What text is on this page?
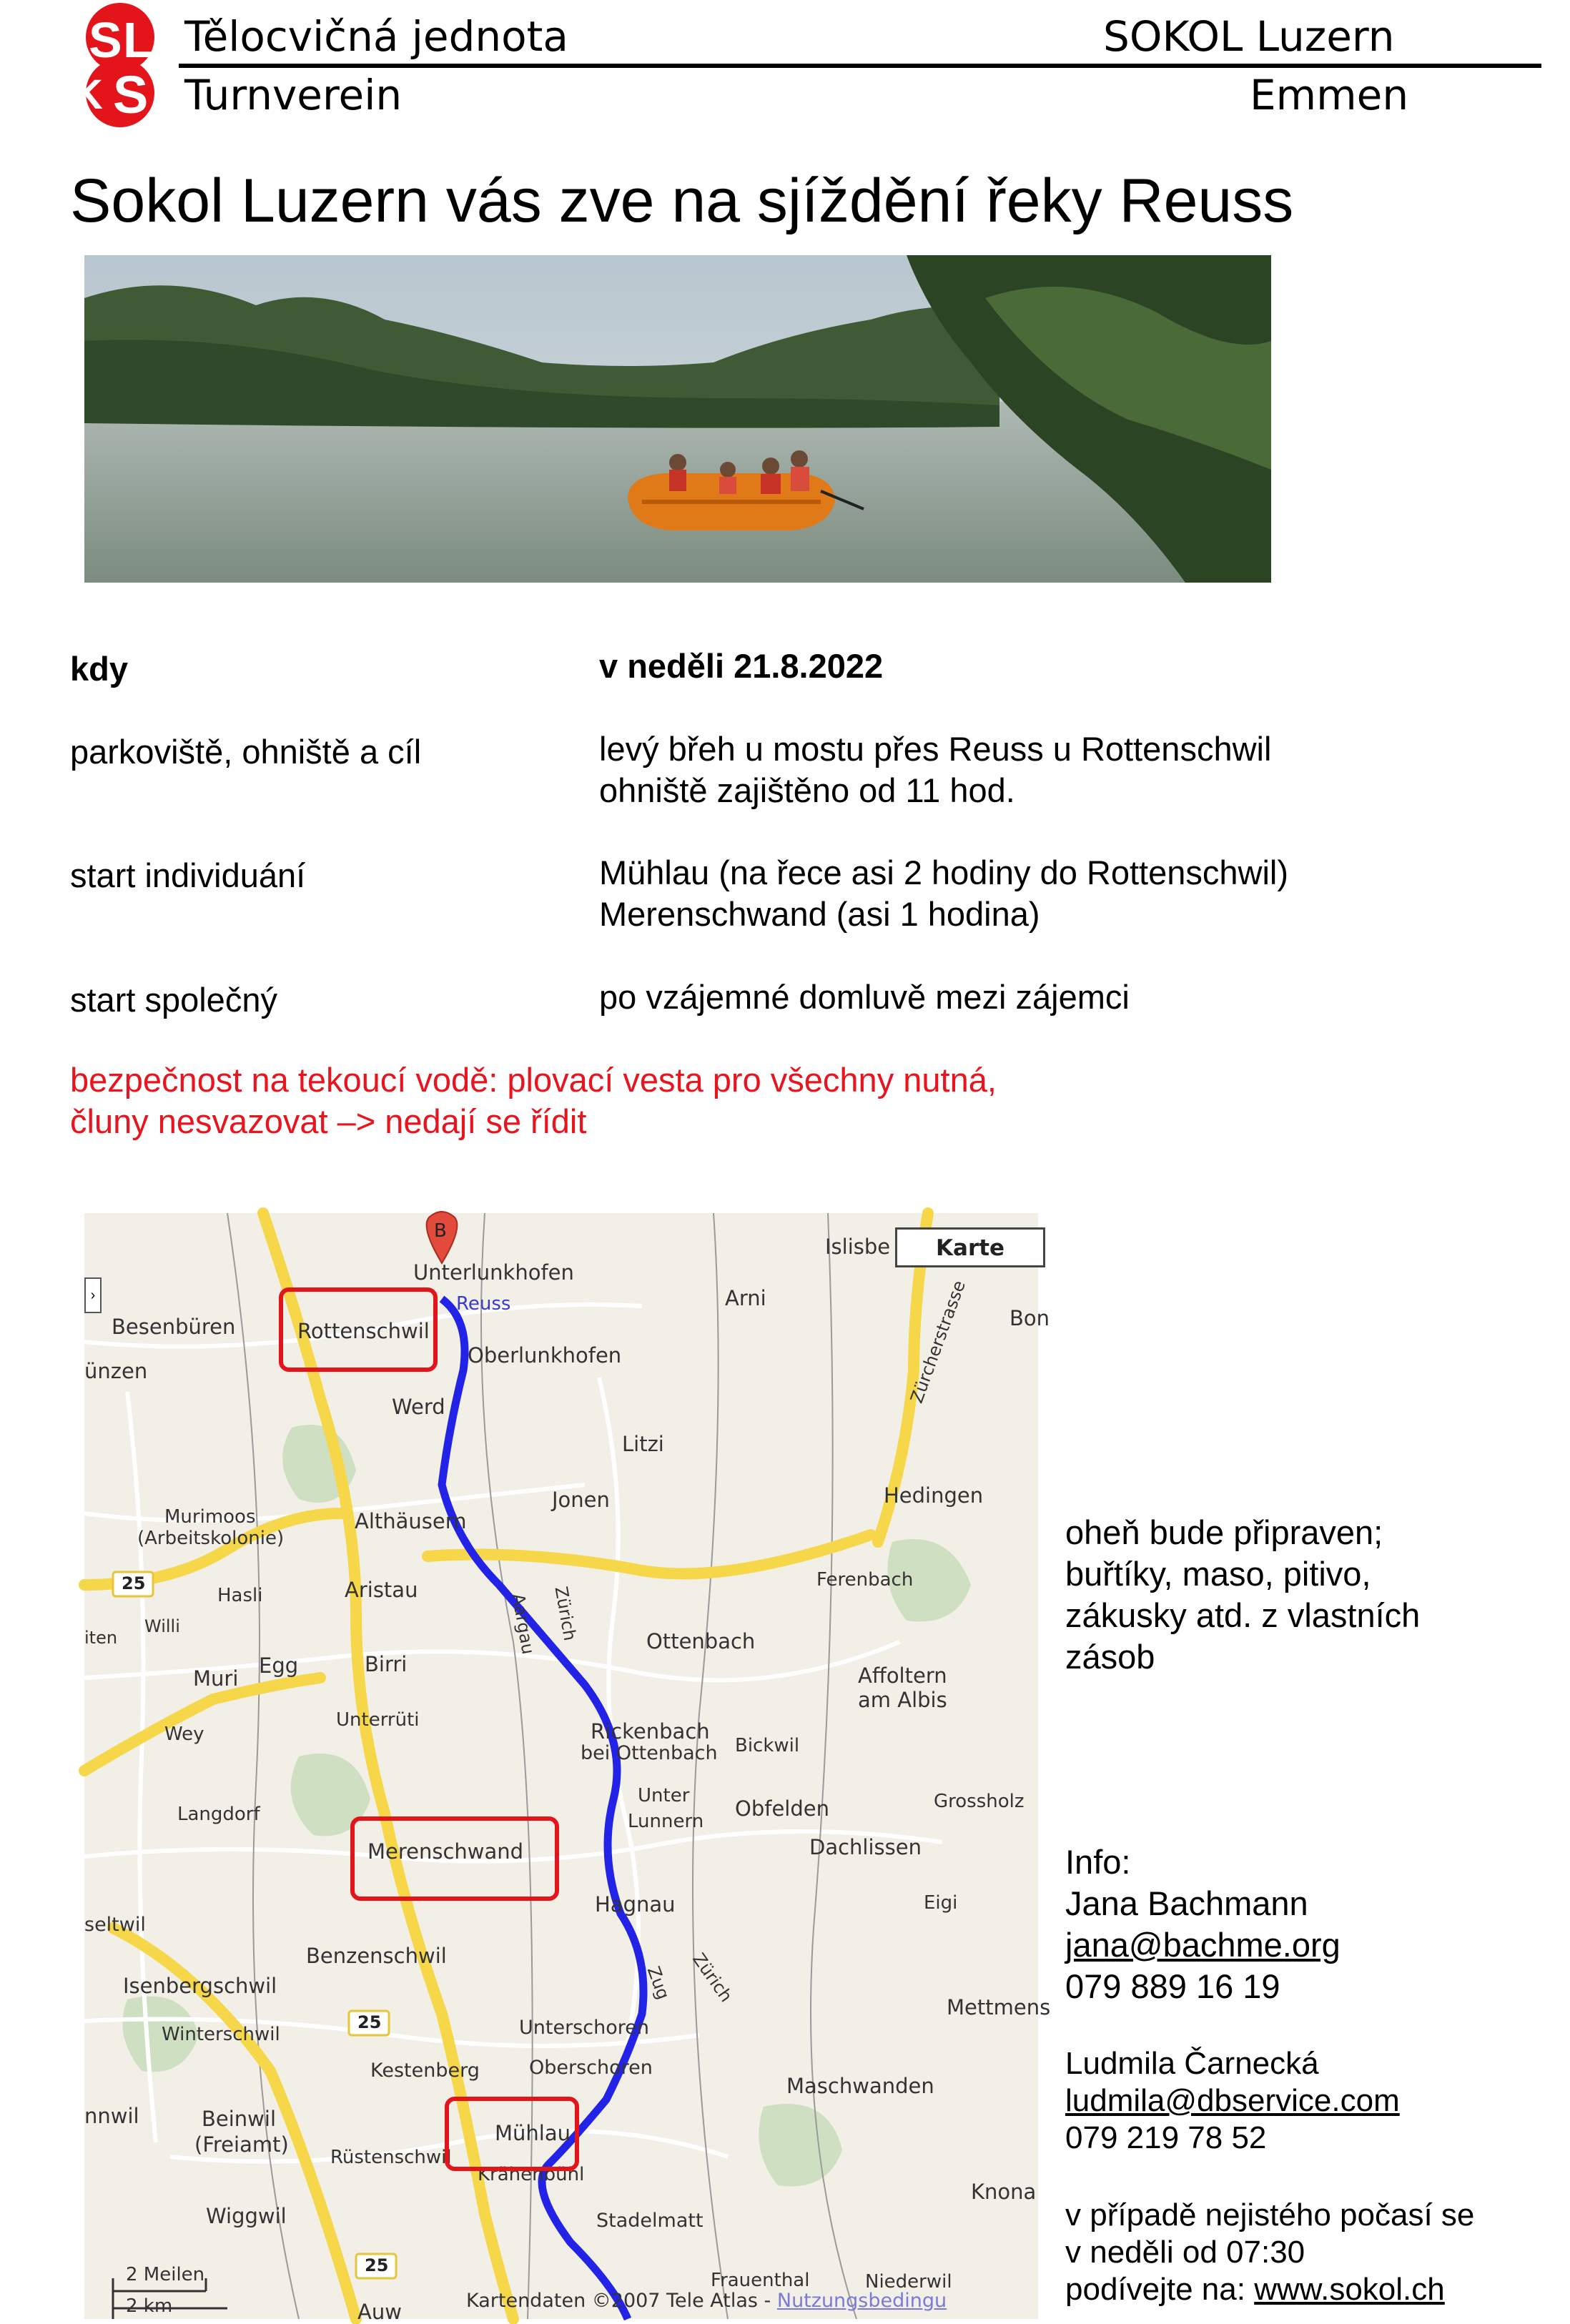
S L
K S
Tělocvičná jednota
Turnverein
SOKOL Luzern
Emmen
Sokol Luzern vás zve na sjíždění řeky Reuss
kdy	v neděli 21.8.2022
parkoviště, ohniště a cíl	levý břeh u mostu přes Reuss u Rottenschwil
ohniště zajištěno od 11 hod.
start individuání	Mühlau (na řece asi 2 hodiny do Rottenschwil)
Merenschwand (asi 1 hodina)
start společný	po vzájemné domluvě mezi zájemci
bezpečnost na tekoucí vodě: plovací vesta pro všechny nutná,
čluny nesvazovat –> nedají se řídit
B
Karte
›
Unterlunkhofen
Reuss
Islisbe
Arni
Bon
Besenbüren	Rottenschwil
Oberlunkhofen
ünzen
Werd
Zürcherstrasse
Litzi
Jonen	Hedingen
Murimoos
(Arbeitskolonie)
Althäusern
25
Hasli	Aristau	Ferenbach
Aargau Zürich
iten
Willi
Ottenbach
Muri
Egg	Birri	Affoltern
am Albis
Wey
Unterrüti	Rickenbach
bei Ottenbach Bickwil
Langdorf
Unter
Lunnern
Obfelden	Grossholz
Merenschwand	Dachlissen
seltwil
Hagnau	Eigi
Benzenschwil
Zug Zürich
Isenbergschwil
25
Mettmens
Unterschoren
Winterschwil
Kestenberg	Oberschoren
Maschwanden
nnwil	Beinwil
(Freiamt)	Mühlau
Rüstenschwil
Krähenbühl
Knona
Wiggwil	Stadelmatt
25
Frauenthal	Niederwil
Auw
2 Meilen
2 km	Kartendaten ©2007 Tele Atlas - Nutzungsbedingu
oheň bude připraven;
buřtíky, maso, pitivo,
zákusky atd. z vlastních
zásob
Info:
Jana Bachmann
jana@bachme.org
079 889 16 19
Ludmila Čarnecká
ludmila@dbservice.com
079 219 78 52
v případě nejistého počasí se
v neděli od 07:30
podívejte na: www.sokol.ch
